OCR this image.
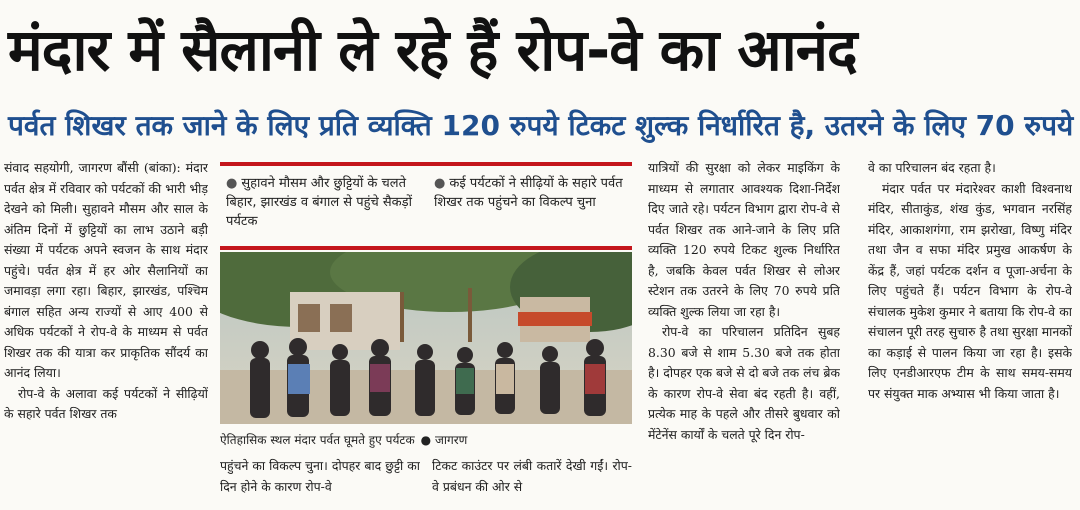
मंदार में सैलानी ले रहे हैं रोप-वे का आनंद
पर्वत शिखर तक जाने के लिए प्रति व्यक्ति 120 रुपये टिकट शुल्क निर्धारित है, उतरने के लिए 70 रुपये

संवाद सहयोगी, जागरण बौंसी (बांका): मंदार पर्वत क्षेत्र में रविवार को पर्यटकों की भारी भीड़ देखने को मिली। सुहावने मौसम और साल के अंतिम दिनों में छुट्टियों का लाभ उठाने बड़ी संख्या में पर्यटक अपने स्वजन के साथ मंदार पहुंचे। पर्वत क्षेत्र में हर ओर सैलानियों का जमावड़ा लगा रहा। बिहार, झारखंड, पश्चिम बंगाल सहित अन्य राज्यों से आए 400 से अधिक पर्यटकों ने रोप-वे के माध्यम से पर्वत शिखर तक की यात्रा कर प्राकृतिक सौंदर्य का आनंद लिया।

रोप-वे के अलावा कई पर्यटकों ने सीढ़ियों के सहारे पर्वत शिखर तक

● सुहावने मौसम और छुट्टियों के चलते बिहार, झारखंड व बंगाल से पहुंचे सैकड़ों पर्यटक
● कई पर्यटकों ने सीढ़ियों के सहारे पर्वत शिखर तक पहुंचने का विकल्प चुना
ऐतिहासिक स्थल मंदार पर्वत घूमते हुए पर्यटक ● जागरण
पहुंचने का विकल्प चुना। दोपहर बाद छुट्टी का दिन होने के कारण रोप-वे
टिकट काउंटर पर लंबी कतारें देखी गईं। रोप-वे प्रबंधन की ओर से

यात्रियों की सुरक्षा को लेकर माइकिंग के माध्यम से लगातार आवश्यक दिशा-निर्देश दिए जाते रहे। पर्यटन विभाग द्वारा रोप-वे से पर्वत शिखर तक आने-जाने के लिए प्रति व्यक्ति 120 रुपये टिकट शुल्क निर्धारित है, जबकि केवल पर्वत शिखर से लोअर स्टेशन तक उतरने के लिए 70 रुपये प्रति व्यक्ति शुल्क लिया जा रहा है।

रोप-वे का परिचालन प्रतिदिन सुबह 8.30 बजे से शाम 5.30 बजे तक होता है। दोपहर एक बजे से दो बजे तक लंच ब्रेक के कारण रोप-वे सेवा बंद रहती है। वहीं, प्रत्येक माह के पहले और तीसरे बुधवार को मेंटेनेंस कार्यों के चलते पूरे दिन रोप-

वे का परिचालन बंद रहता है।

मंदार पर्वत पर मंदारेश्वर काशी विश्वनाथ मंदिर, सीताकुंड, शंख कुंड, भगवान नरसिंह मंदिर, आकाशगंगा, राम झरोखा, विष्णु मंदिर तथा जैन व सफा मंदिर प्रमुख आकर्षण के केंद्र हैं, जहां पर्यटक दर्शन व पूजा-अर्चना के लिए पहुंचते हैं। पर्यटन विभाग के रोप-वे संचालक मुकेश कुमार ने बताया कि रोप-वे का संचालन पूरी तरह सुचारु है तथा सुरक्षा मानकों का कड़ाई से पालन किया जा रहा है। इसके लिए एनडीआरएफ टीम के साथ समय-समय पर संयुक्त माक अभ्यास भी किया जाता है।
